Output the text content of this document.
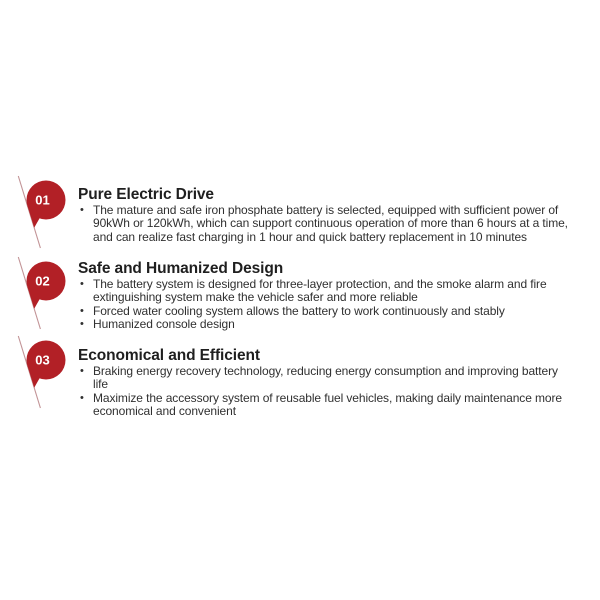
01 Pure Electric Drive
• The mature and safe iron phosphate battery is selected, equipped with sufficient power of
90kWh or 120kWh, which can support continuous operation of more than 6 hours at a time,
and can realize fast charging in 1 hour and quick battery replacement in 10 minutes
02
Safe and Humanized Design
• The battery system is designed for three-layer protection, and the smoke alarm and fire
extinguishing system make the vehicle safer and more reliable
• Forced water cooling system allows the battery to work continuously and stably
• Humanized console design
03 Economical and Efficient
• Braking energy recovery technology, reducing energy consumption and improving battery
life
• Maximize the accessory system of reusable fuel vehicles, making daily maintenance more
economical and convenient
